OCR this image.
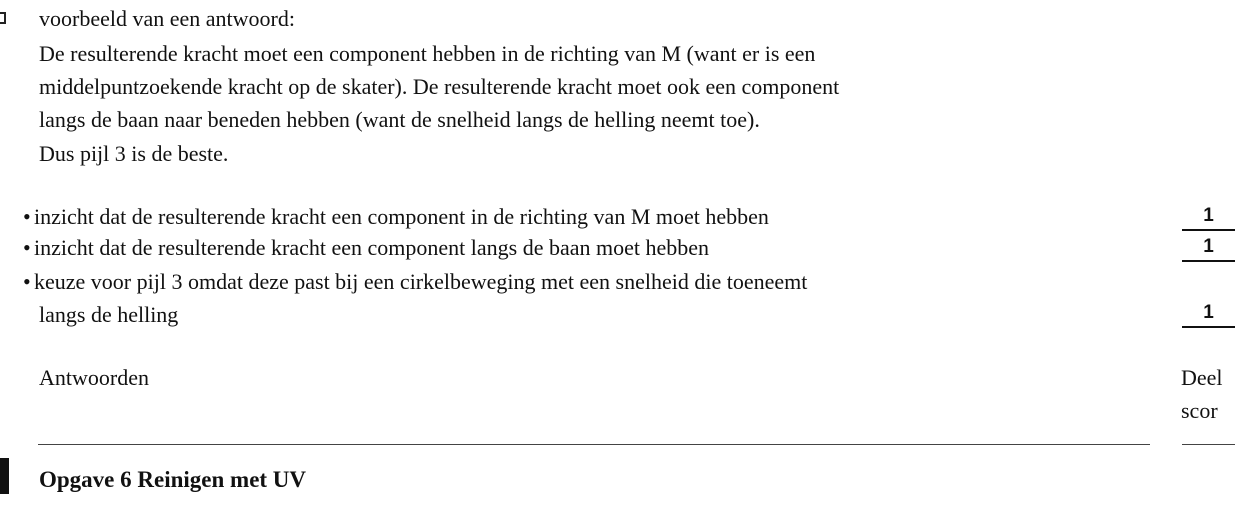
voorbeeld van een antwoord:
De resulterende kracht moet een component hebben in de richting van M (want er is een
middelpuntzoekende kracht op de skater). De resulterende kracht moet ook een component
langs de baan naar beneden hebben (want de snelheid langs de helling neemt toe).
Dus pijl 3 is de beste.
• inzicht dat de resulterende kracht een component in de richting van M moet hebben	1
• inzicht dat de resulterende kracht een component langs de baan moet hebben	1
• keuze voor pijl 3 omdat deze past bij een cirkelbeweging met een snelheid die toeneemt
langs de helling	1
Antwoorden	Deel
scor
Opgave 6 Reinigen met UV
